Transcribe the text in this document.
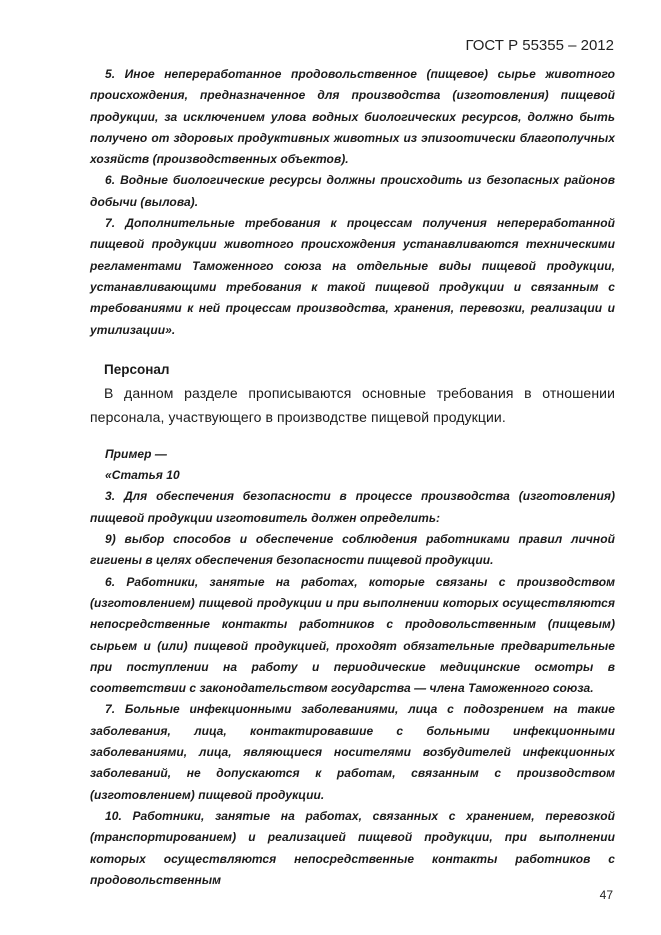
ГОСТ Р 55355 – 2012

5. Иное непереработанное продовольственное (пищевое) сырье животного происхождения, предназначенное для производства (изготовления) пищевой продукции, за исключением улова водных биологических ресурсов, должно быть получено от здоровых продуктивных животных из эпизоотически благополучных хозяйств (производственных объектов).

6. Водные биологические ресурсы должны происходить из безопасных районов добычи (вылова).

7. Дополнительные требования к процессам получения непереработанной пищевой продукции животного происхождения устанавливаются техническими регламентами Таможенного союза на отдельные виды пищевой продукции, устанавливающими требования к такой пищевой продукции и связанным с требованиями к ней процессам производства, хранения, перевозки, реализации и утилизации».

Персонал

В данном разделе прописываются основные требования в отношении персонала, участвующего в производстве пищевой продукции.

Пример —

«Статья 10

3. Для обеспечения безопасности в процессе производства (изготовления) пищевой продукции изготовитель должен определить:

9) выбор способов и обеспечение соблюдения работниками правил личной гигиены в целях обеспечения безопасности пищевой продукции.

6. Работники, занятые на работах, которые связаны с производством (изготовлением) пищевой продукции и при выполнении которых осуществляются непосредственные контакты работников с продовольственным (пищевым) сырьем и (или) пищевой продукцией, проходят обязательные предварительные при поступлении на работу и периодические медицинские осмотры в соответствии с законодательством государства — члена Таможенного союза.

7. Больные инфекционными заболеваниями, лица с подозрением на такие заболевания, лица, контактировавшие с больными инфекционными заболеваниями, лица, являющиеся носителями возбудителей инфекционных заболеваний, не допускаются к работам, связанным с производством (изготовлением) пищевой продукции.

10. Работники, занятые на работах, связанных с хранением, перевозкой (транспортированием) и реализацией пищевой продукции, при выполнении которых осуществляются непосредственные контакты работников с продовольственным

47
